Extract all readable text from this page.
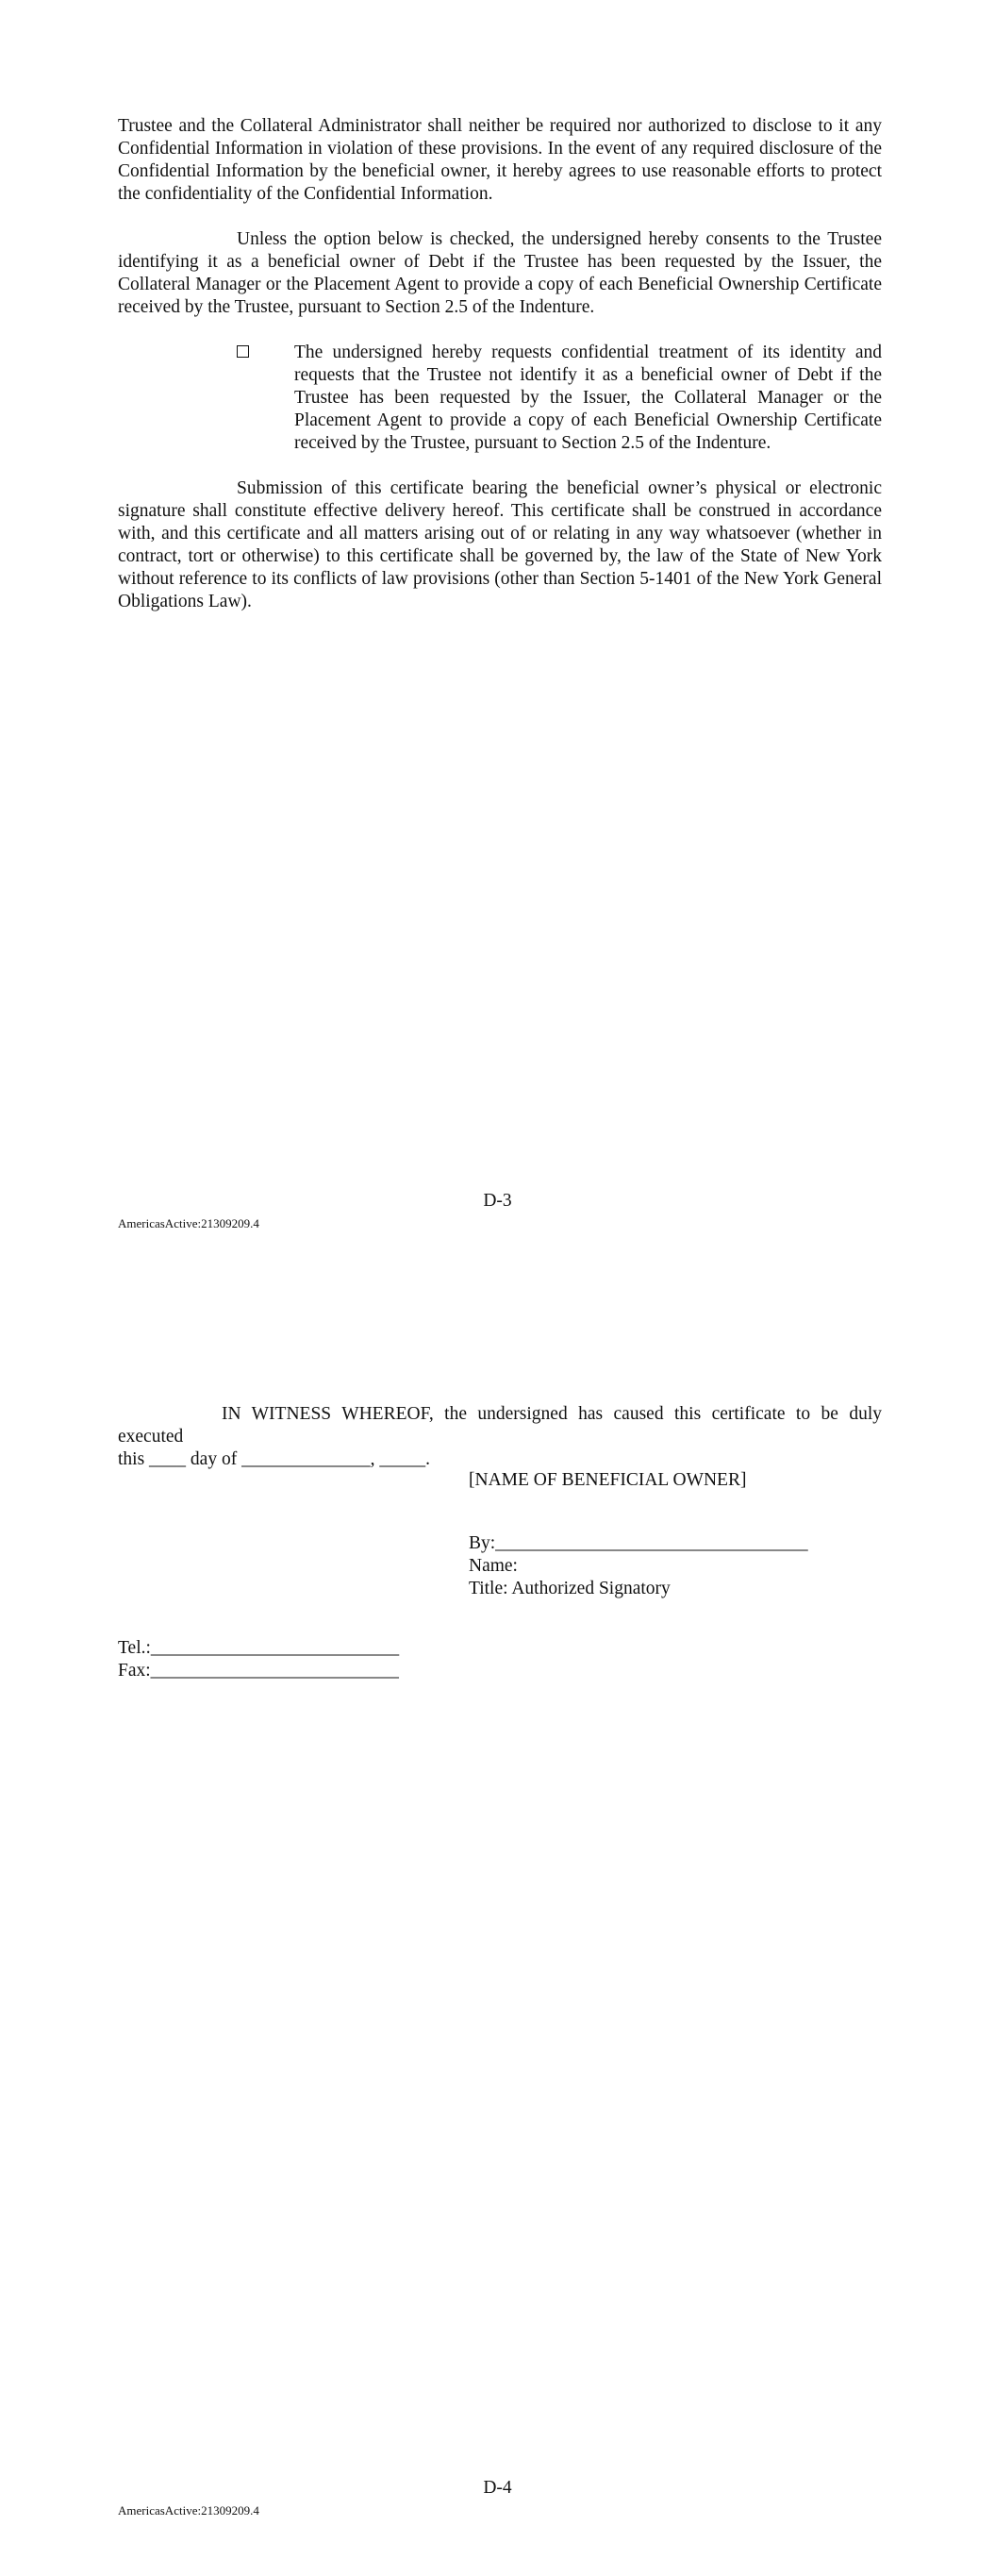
Trustee and the Collateral Administrator shall neither be required nor authorized to disclose to it any Confidential Information in violation of these provisions. In the event of any required disclosure of the Confidential Information by the beneficial owner, it hereby agrees to use reasonable efforts to protect the confidentiality of the Confidential Information.

Unless the option below is checked, the undersigned hereby consents to the Trustee identifying it as a beneficial owner of Debt if the Trustee has been requested by the Issuer, the Collateral Manager or the Placement Agent to provide a copy of each Beneficial Ownership Certificate received by the Trustee, pursuant to Section 2.5 of the Indenture.

The undersigned hereby requests confidential treatment of its identity and requests that the Trustee not identify it as a beneficial owner of Debt if the Trustee has been requested by the Issuer, the Collateral Manager or the Placement Agent to provide a copy of each Beneficial Ownership Certificate received by the Trustee, pursuant to Section 2.5 of the Indenture.

Submission of this certificate bearing the beneficial owner’s physical or electronic signature shall constitute effective delivery hereof. This certificate shall be construed in accordance with, and this certificate and all matters arising out of or relating in any way whatsoever (whether in contract, tort or otherwise) to this certificate shall be governed by, the law of the State of New York without reference to its conflicts of law provisions (other than Section 5-1401 of the New York General Obligations Law).

D-3
AmericasActive:21309209.4
IN WITNESS WHEREOF, the undersigned has caused this certificate to be duly executed
this ____ day of ______________, _____.
[NAME OF BENEFICIAL OWNER]
By:__________________________________
Name:
Title: Authorized Signatory
Tel.:___________________________
Fax:___________________________
D-4
AmericasActive:21309209.4
